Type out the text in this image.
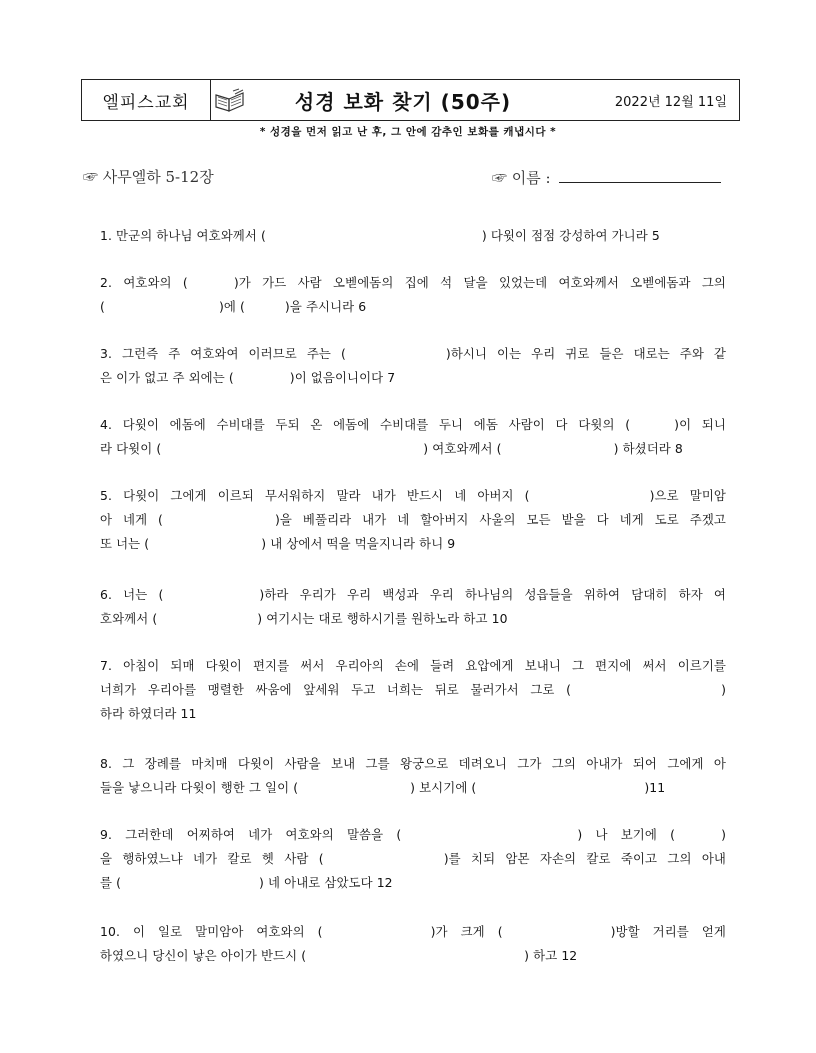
엘피스교회	성경 보화 찾기 (50주)	2022년 12월 11일
* 성경을 먼저 읽고 난 후, 그 안에 감추인 보화를 캐냅시다 *
☞ 사무엘하 5-12장	☞ 이름 :
1. 만군의 하나님 여호와께서 (	) 다윗이 점점 강성하여 가니라 5
2. 여호와의 (	)가 가드 사람 오벧에돔의 집에 석 달을 있었는데 여호와께서 오벧에돔과 그의
(	)에 (	)을 주시니라 6
3. 그런즉 주 여호와여 이러므로 주는 (	)하시니 이는 우리 귀로 들은 대로는 주와 같
은 이가 없고 주 외에는 (	)이 없음이니이다 7
4. 다윗이 에돔에 수비대를 두되 온 에돔에 수비대를 두니 에돔 사람이 다 다윗의 (	)이 되니
라 다윗이 (	) 여호와께서 (	) 하셨더라 8
5. 다윗이 그에게 이르되 무서워하지 말라 내가 반드시 네 아버지 (	)으로 말미암
아 네게 (	)을 베풀리라 내가 네 할아버지 사울의 모든 밭을 다 네게 도로 주겠고
또 너는 (	) 내 상에서 떡을 먹을지니라 하니 9
6. 너는 (	)하라 우리가 우리 백성과 우리 하나님의 성읍들을 위하여 담대히 하자 여
호와께서 (	) 여기시는 대로 행하시기를 원하노라 하고 10
7. 아침이 되매 다윗이 편지를 써서 우리아의 손에 들려 요압에게 보내니 그 편지에 써서 이르기를
너희가 우리아를 맹렬한 싸움에 앞세워 두고 너희는 뒤로 물러가서 그로 (	)
하라 하였더라 11
8. 그 장례를 마치매 다윗이 사람을 보내 그를 왕궁으로 데려오니 그가 그의 아내가 되어 그에게 아
들을 낳으니라 다윗이 행한 그 일이 (	) 보시기에 (	)11
9. 그러한데 어찌하여 네가 여호와의 말씀을 (	) 나 보기에 (	)
을 행하였느냐 네가 칼로 헷 사람 (	)를 치되 암몬 자손의 칼로 죽이고 그의 아내
를 (	) 네 아내로 삼았도다 12
10. 이 일로 말미암아 여호와의 (	)가 크게 (	)방할 거리를 얻게
하였으니 당신이 낳은 아이가 반드시 (	) 하고 12
